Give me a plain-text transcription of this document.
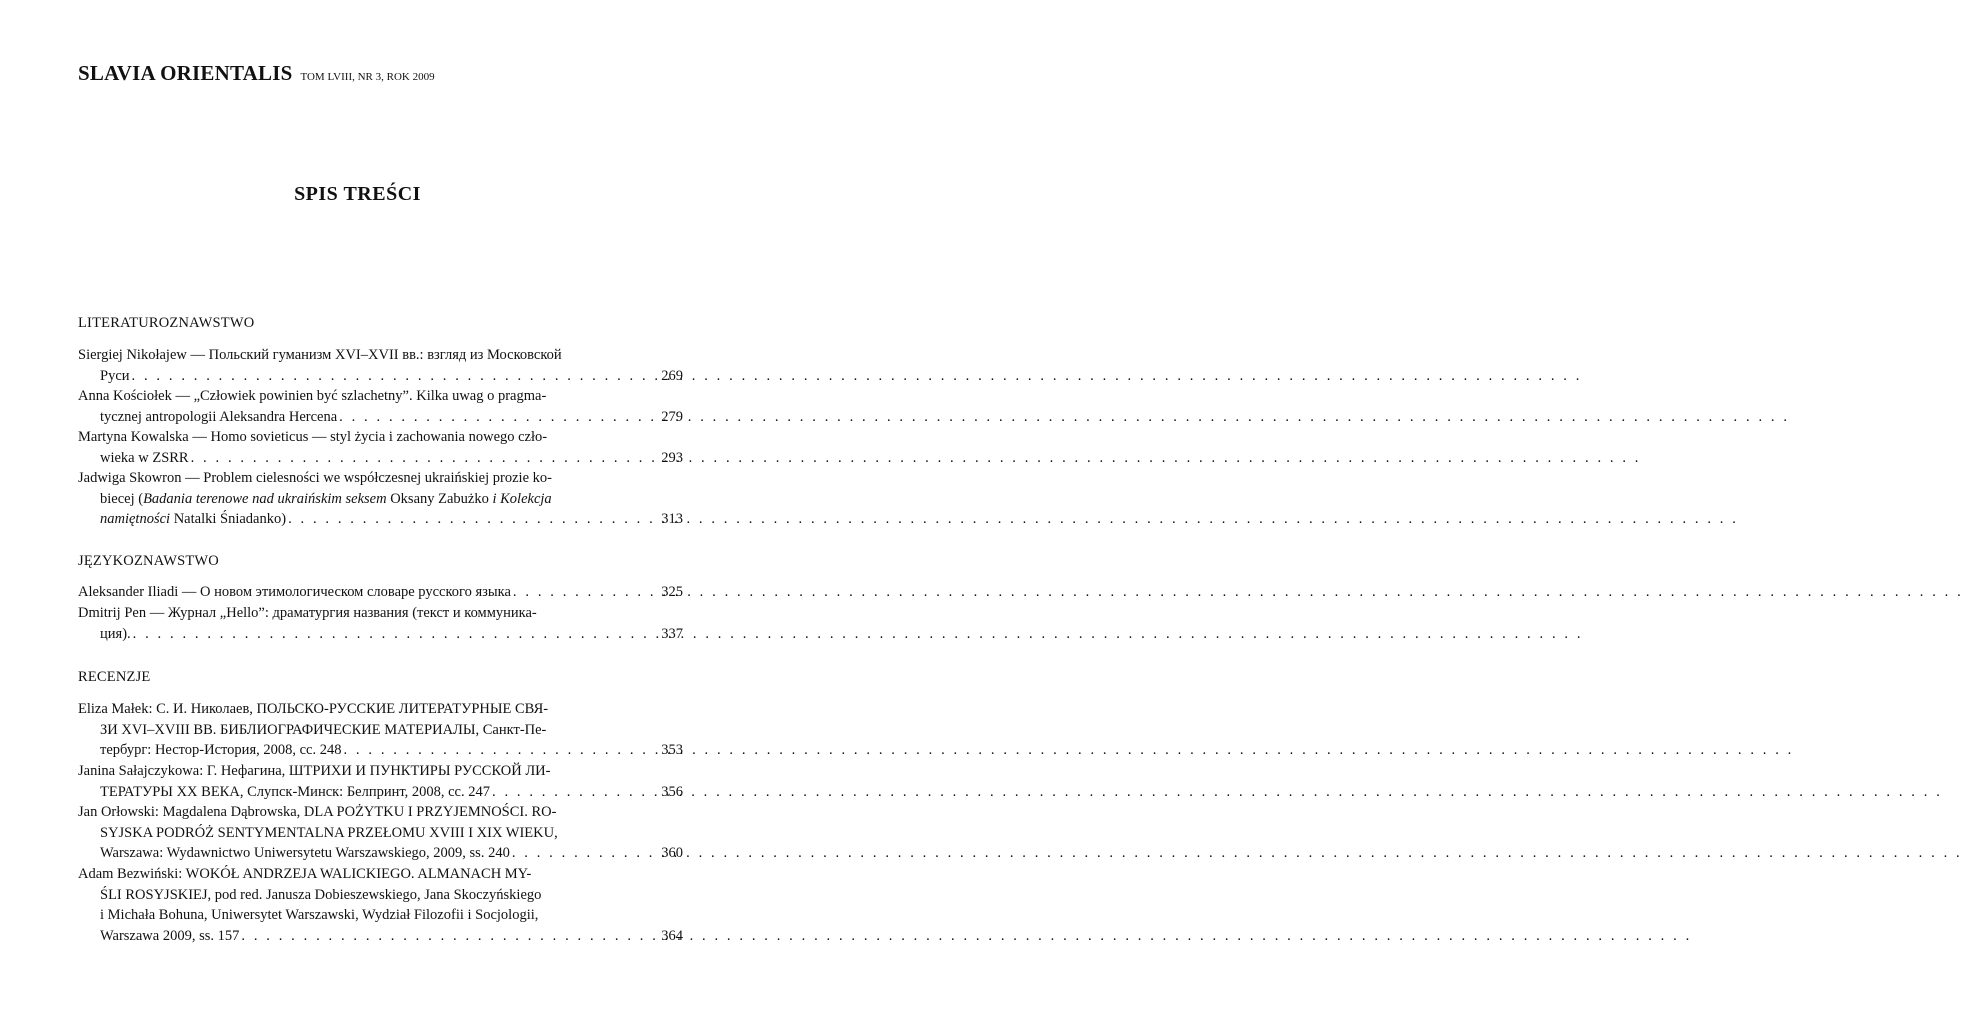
SLAVIA ORIENTALIS TOM LVIII, NR 3, ROK 2009
SPIS TREŚCI
LITERATUROZNAWSTWO
Siergiej Nikołajew — Польский гуманизм XVI–XVII вв.: взгляд из Московской
Руси . . .	269
Anna Kościołek — „Człowiek powinien być szlachetny”. Kilka uwag o pragma-
tycznej antropologii Aleksandra Hercena . . .	279
Martyna Kowalska — Homo sovieticus — styl życia i zachowania nowego czło-
wieka w ZSRR . . .	293
Jadwiga Skowron — Problem cielesności we współczesnej ukraińskiej prozie ko-
biecej (Badania terenowe nad ukraińskim seksem Oksany Zabużko i Kolekcja
namiętności Natalki Śniadanko) . . .	313
JĘZYKOZNAWSTWO
Aleksander Iliadi — О новом этимологическом словаре русского языка . . .	325
Dmitrij Pen — Журнал „Hello”: драматургия названия (текст и коммуника-
ция). . . .	337
RECENZJE
Eliza Małek: С. И. Николаев, ПОЛЬСКО-РУССКИЕ ЛИТЕРАТУРНЫЕ СВЯ-
ЗИ XVI–XVIII ВВ. БИБЛИОГРАФИЧЕСКИЕ МАТЕРИАЛЫ, Санкт-Пе-
тербург: Нестор-История, 2008, сс. 248 . . .	353
Janina Sałajczykowa: Г. Нефагина, ШТРИХИ И ПУНКТИРЫ РУССКОЙ ЛИ-
ТЕРАТУРЫ XX ВЕКА, Слупск-Минск: Белпринт, 2008, сс. 247 . . .	356
Jan Orłowski: Magdalena Dąbrowska, DLA POŻYTKU I PRZYJEMNOŚCI. RO-
SYJSKA PODRÓŻ SENTYMENTALNA PRZEŁOMU XVIII I XIX WIEKU,
Warszawa: Wydawnictwo Uniwersytetu Warszawskiego, 2009, ss. 240 . . .	360
Adam Bezwiński: WOKÓŁ ANDRZEJA WALICKIEGO. ALMANACH MY-
ŚLI ROSYJSKIEJ, pod red. Janusza Dobieszewskiego, Jana Skoczyńskiego
i Michała Bohuna, Uniwersytet Warszawski, Wydział Filozofii i Socjologii,
Warszawa 2009, ss. 157 . . .	364
